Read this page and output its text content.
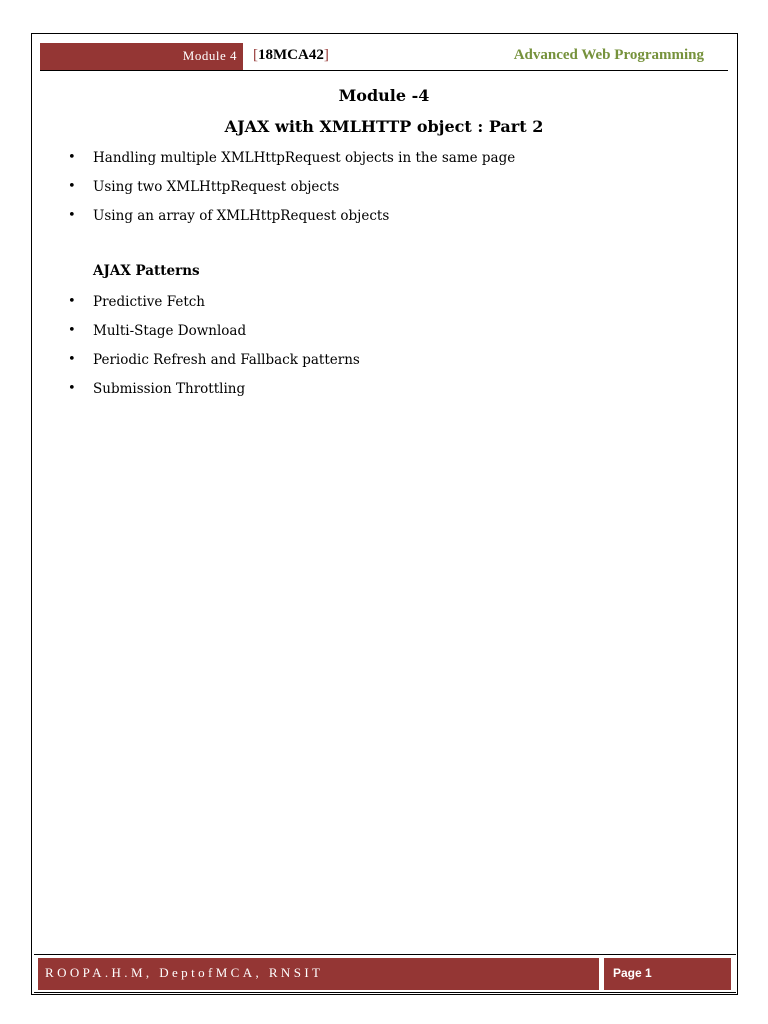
Module 4 [18MCA42]	Advanced Web Programming
Module -4
AJAX with XMLHTTP object : Part 2
• Handling multiple XMLHttpRequest objects in the same page
• Using two XMLHttpRequest objects
• Using an array of XMLHttpRequest objects
AJAX Patterns
• Predictive Fetch
• Multi-Stage Download
• Periodic Refresh and Fallback patterns
• Submission Throttling
ROOPA.H.M, DeptofMCA, RNSIT	Page 1
